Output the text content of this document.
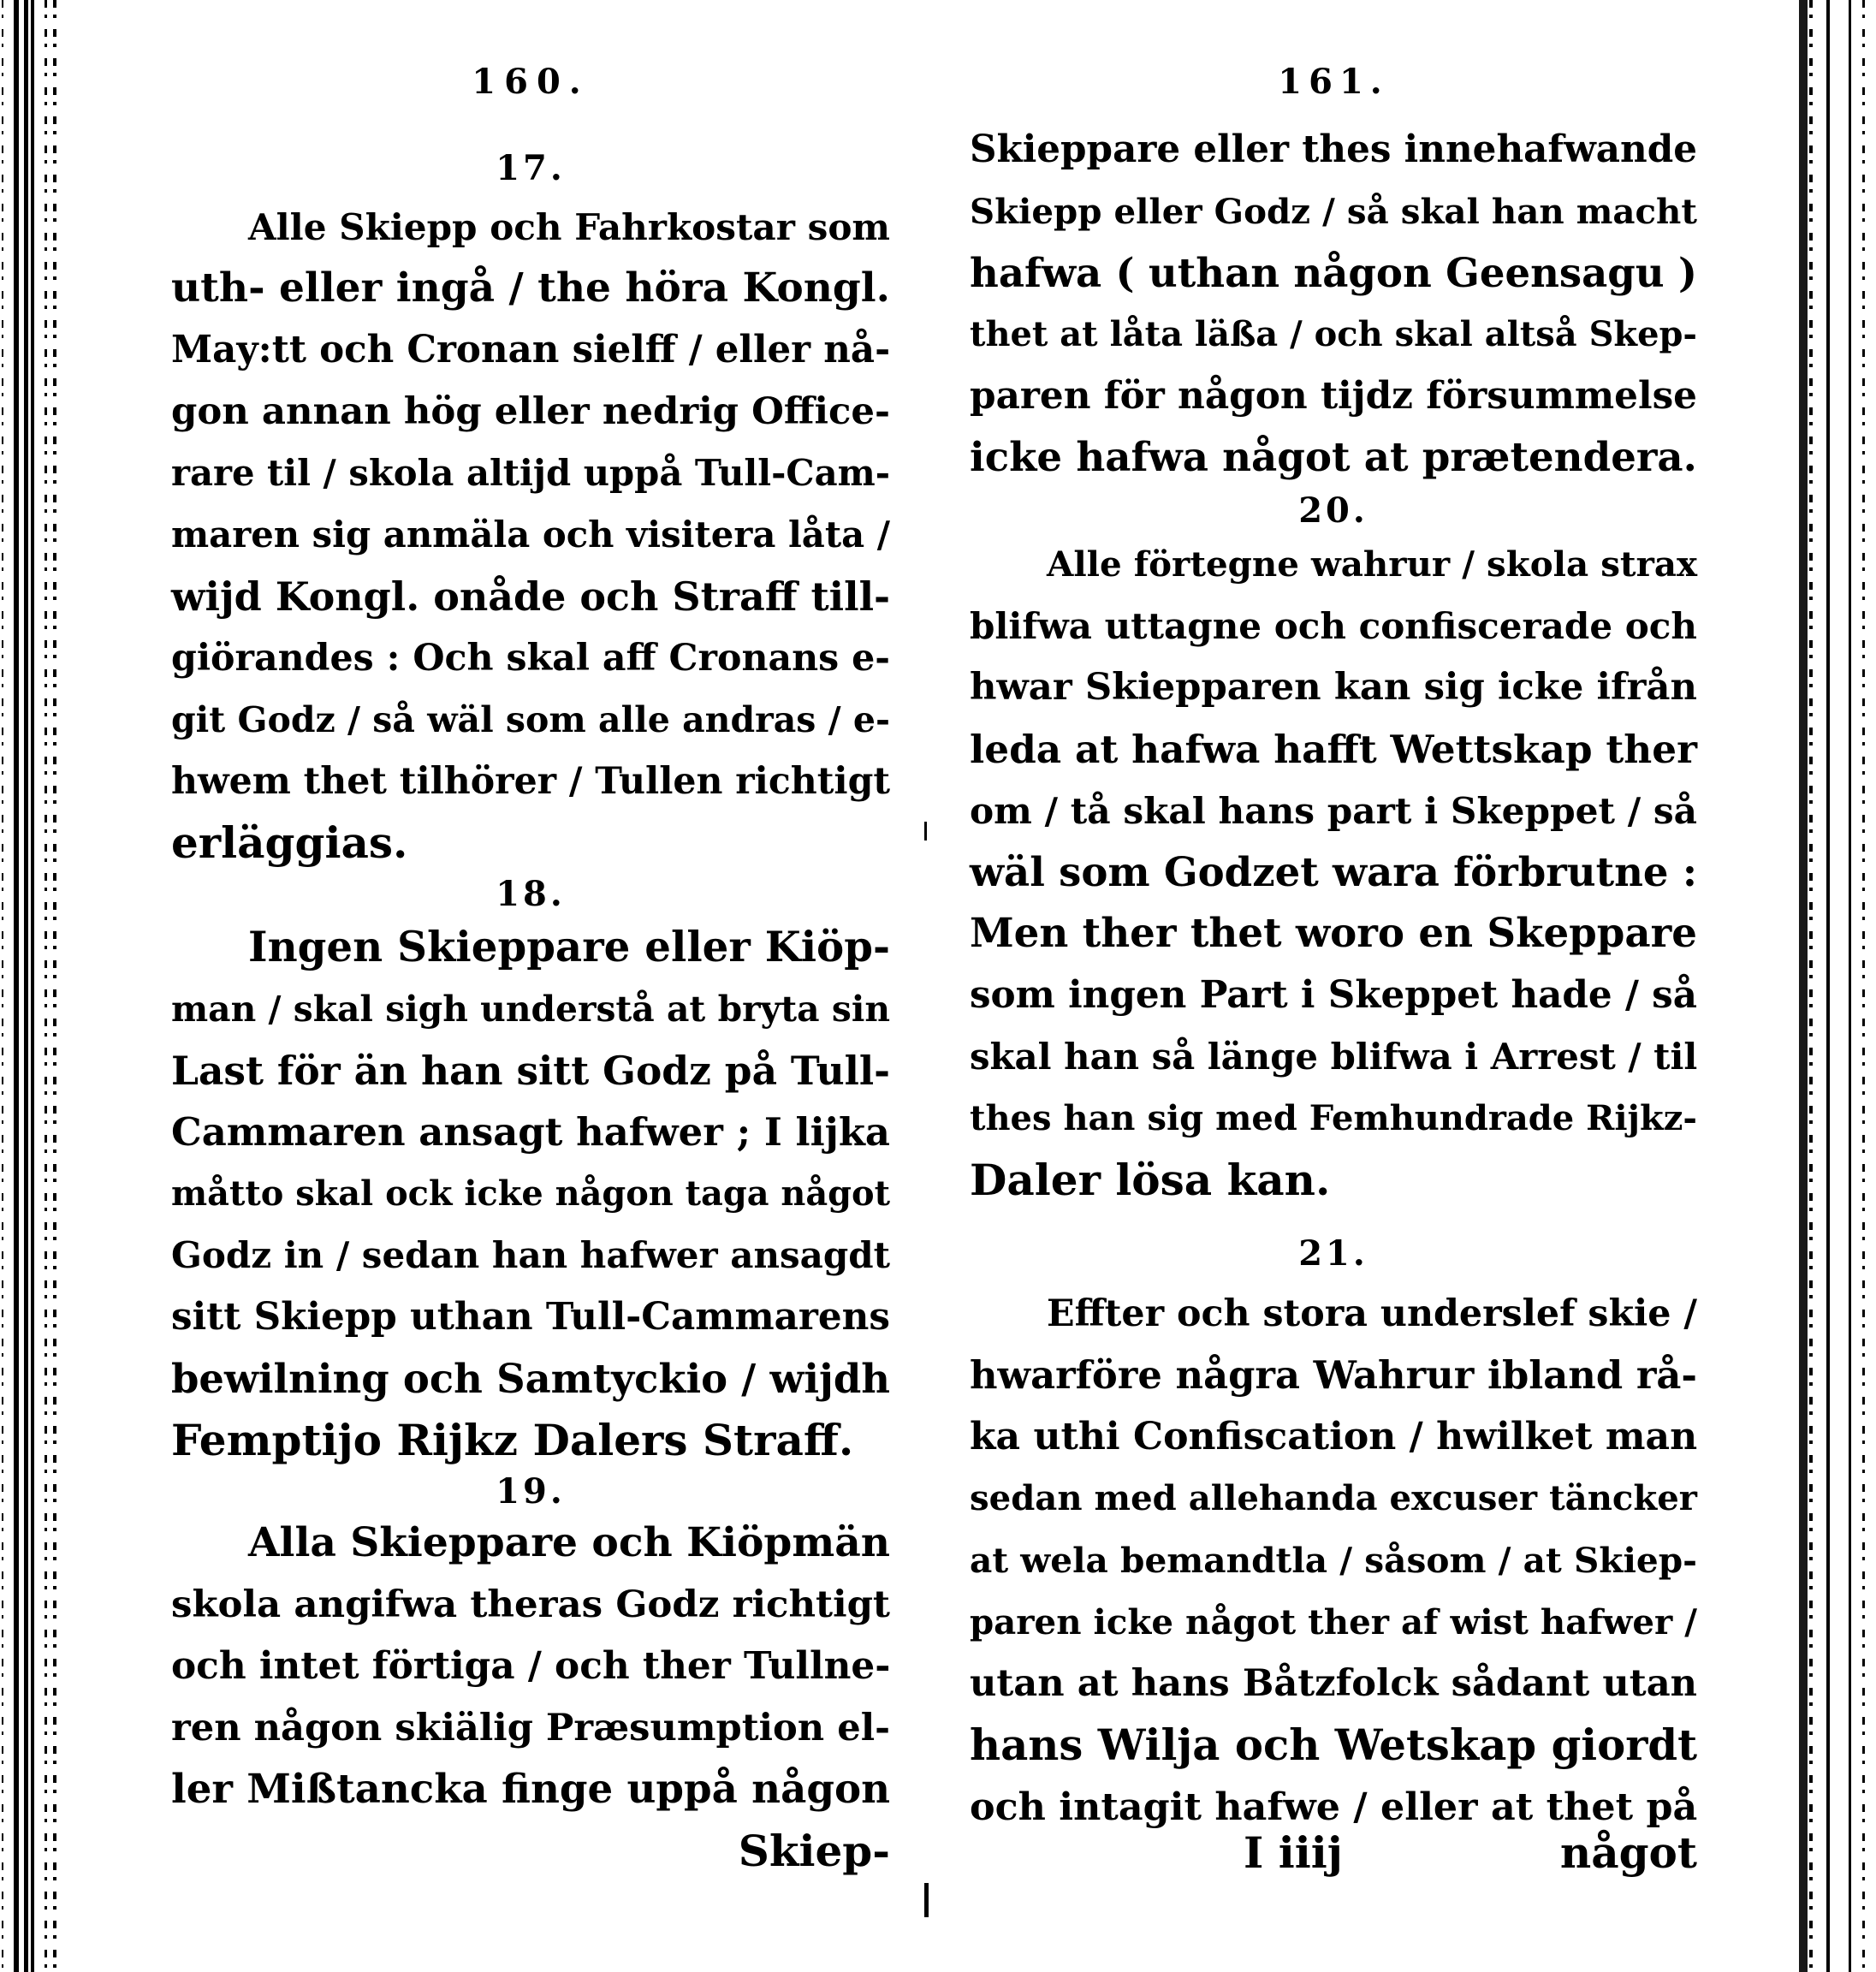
160.
17.
Alle Skiepp och Fahrkostar som
uth- eller ingå / the höra Kongl.
May:tt och Cronan sielff / eller nå-
gon annan hög eller nedrig Officе-
rare til / skola altijd uppå Tull-Cam-
maren sig anmäla och visitera låta /
wijd Kongl. onåde och Straff till-
giörandes : Och skal aff Cronans e-
git Godz / så wäl som alle andras / e-
hwem thet tilhörer / Tullen richtigt
erläggias.
18.
Ingen Skieppare eller Kiöp-
man / skal sigh understå at bryta sin
Last för än han sitt Godz på Tull-
Cammaren ansagt hafwer ; I lijka
måtto skal ock icke någon taga något
Godz in / sedan han hafwer ansagdt
sitt Skiepp uthan Tull-Cammarens
bewilning och Samtyckio / wijdh
Femptijo Rijkz Dalers Straff.
19.
Alla Skieppare och Kiöpmän
skola angifwa theras Godz richtigt
och intet förtiga / och ther Tullne-
ren någon skiälig Præsumption el-
ler Mißtancka finge uppå någon
Skiep-
161.
Skieppare eller thes innehafwande
Skiepp eller Godz / så skal han macht
hafwa ( uthan någon Geensagu )
thet at låta läßa / och skal altså Skep-
paren för någon tijdz försummelse
icke hafwa något at prætendera.
20.
Alle förtegne wahrur / skola strax
blifwa uttagne och confiscerade och
hwar Skiepparen kan sig icke ifrån
leda at hafwa hafft Wettskap ther
om / tå skal hans part i Skeppet / så
wäl som Godzet wara förbrutne :
Men ther thet woro en Skeppare
som ingen Part i Skeppet hade / så
skal han så länge blifwa i Arrest / til
thes han sig med Femhundrade Rijkz-
Daler lösa kan.
21.
Effter och stora underslef skie /
hwarföre några Wahrur ibland rå-
ka uthi Confiscation / hwilket man
sedan med allehanda excuser täncker
at wela bemandtla / såsom / at Skiep-
paren icke något ther af wist hafwer /
utan at hans Båtzfolck sådant utan
hans Wilja och Wetskap giordt
och intagit hafwe / eller at thet på
I iiij	något
